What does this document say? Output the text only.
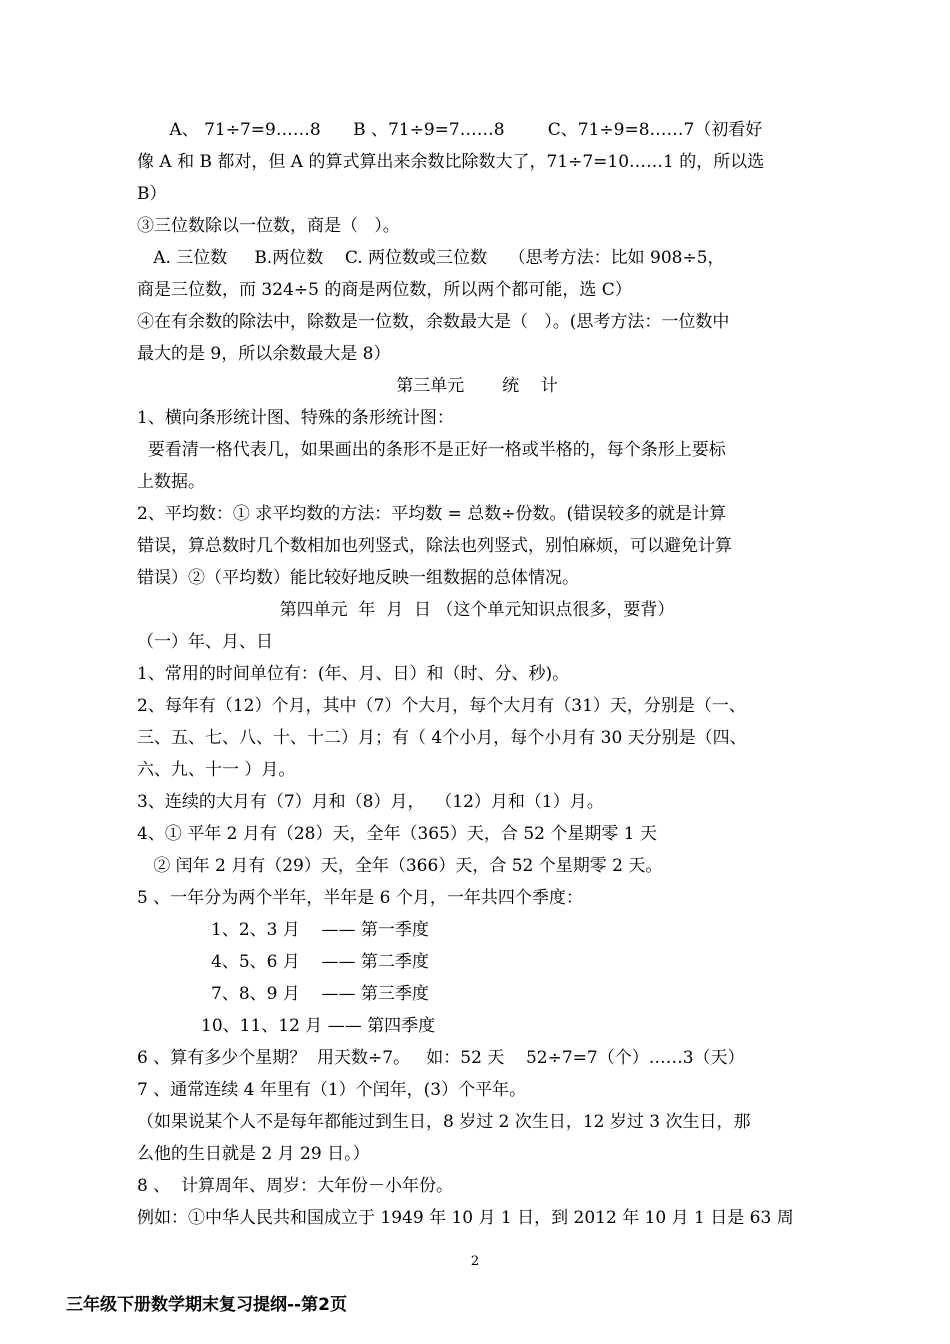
A、 71÷7=9……8      B 、71÷9=7……8        C、71÷9=8……7（初看好
像 A 和 B 都对，但 A 的算式算出来余数比除数大了，71÷7=10……1 的，所以选
B）
③三位数除以一位数，商是（   ）。
A. 三位数     B.两位数    C. 两位数或三位数    （思考方法：比如 908÷5，
商是三位数，而 324÷5 的商是两位数，所以两个都可能，选 C）
④在有余数的除法中，除数是一位数，余数最大是（   ）。(思考方法：一位数中
最大的是 9，所以余数最大是 8）
第三单元       统    计
1、横向条形统计图、特殊的条形统计图：
要看清一格代表几，如果画出的条形不是正好一格或半格的，每个条形上要标
上数据。
2、平均数：① 求平均数的方法：平均数 = 总数÷份数。(错误较多的就是计算
错误，算总数时几个数相加也列竖式，除法也列竖式，别怕麻烦，可以避免计算
错误）②（平均数）能比较好地反映一组数据的总体情况。
第四单元  年  月  日 （这个单元知识点很多，要背）
（一）年、月、日
1、常用的时间单位有：(年、月、日）和（时、分、秒)。
2、每年有（12）个月，其中（7）个大月，每个大月有（31）天，分别是（一、
三、五、七、八、十、十二）月；有（ 4个小月，每个小月有 30 天分别是（四、
六、九、十一 ）月。
3、连续的大月有（7）月和（8）月，  （12）月和（1）月。
4、① 平年 2 月有（28）天，全年（365）天，合 52 个星期零 1 天
② 闰年 2 月有（29）天，全年（366）天，合 52 个星期零 2 天。
5 、一年分为两个半年，半年是 6 个月，一年共四个季度：
1、2、3 月    —— 第一季度
4、5、6 月    —— 第二季度
7、8、9 月    —— 第三季度
10、11、12 月 —— 第四季度
6 、算有多少个星期？  用天数÷7。   如：52 天    52÷7=7（个）……3（天）
7 、通常连续 4 年里有（1）个闰年，(3）个平年。
（如果说某个人不是每年都能过到生日，8 岁过 2 次生日，12 岁过 3 次生日，那
么他的生日就是 2 月 29 日。）
8 、  计算周年、周岁：大年份－小年份。
例如：①中华人民共和国成立于 1949 年 10 月 1 日，到 2012 年 10 月 1 日是 63 周
2
三年级下册数学期末复习提纲--第2页
